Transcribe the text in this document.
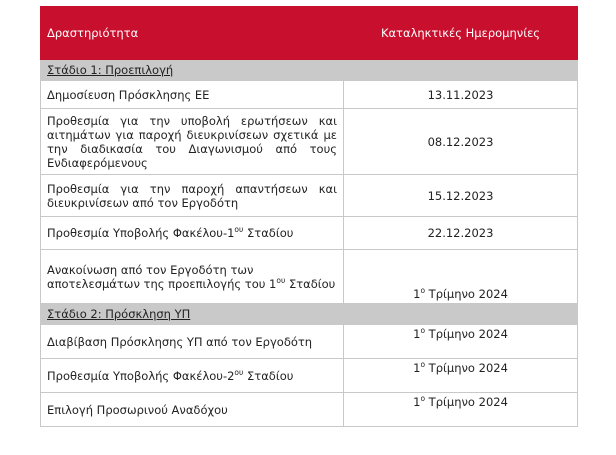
Δραστηριότητα	Καταληκτικές Ημερομηνίες
Στάδιο 1: Προεπιλογή	
Δημοσίευση Πρόσκλησης ΕΕ	13.11.2023
Προθεσμία για την υποβολή ερωτήσεων και αιτημάτων για παροχή διευκρινίσεων σχετικά με την διαδικασία του Διαγωνισμού από τους Ενδιαφερόμενους	08.12.2023
Προθεσμία για την παροχή απαντήσεων και διευκρινίσεων από τον Εργοδότη	15.12.2023
Προθεσμία Υποβολής Φακέλου-$1^{o\upsilon}$ Σταδίου	22.12.2023
Ανακοίνωση από τον Εργοδότη των
αποτελεσμάτων της προεπιλογής του $1^{o\upsilon}$ Σταδίου	$1^o$ Τρίμηνο 2024
Στάδιο 2: Πρόσκληση ΥΠ	
Διαβίβαση Πρόσκλησης ΥΠ από τον Εργοδότη	$1^o$ Τρίμηνο 2024
Προθεσμία Υποβολής Φακέλου-$2^{o\upsilon}$ Σταδίου	$1^o$ Τρίμηνο 2024
Επιλογή Προσωρινού Αναδόχου	$1^o$ Τρίμηνο 2024
